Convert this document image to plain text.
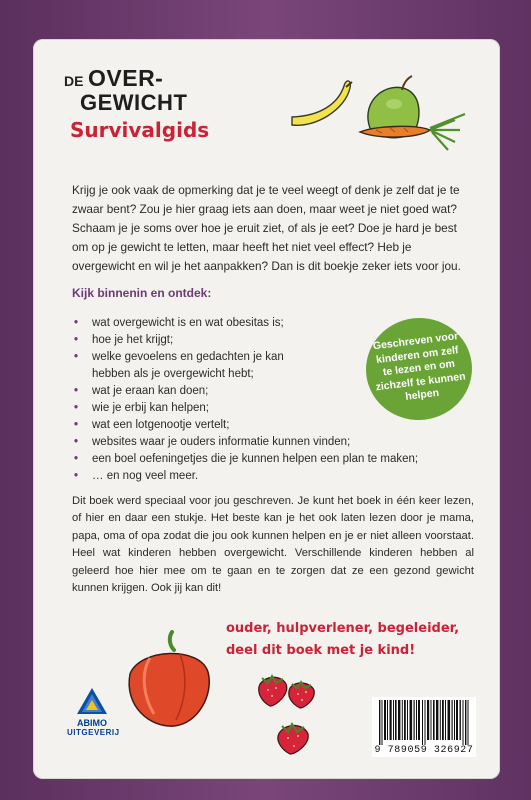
DE OVER-
GEWICHT
Survivalgids
Krijg je ook vaak de opmerking dat je te veel weegt of denk je zelf dat je te zwaar bent? Zou je hier graag iets aan doen, maar weet je niet goed wat? Schaam je je soms over hoe je eruit ziet, of als je eet? Doe je hard je best om op je gewicht te letten, maar heeft het niet veel effect? Heb je overgewicht en wil je het aanpakken? Dan is dit boekje zeker iets voor jou.
Kijk binnenin en ontdek:
• wat overgewicht is en wat obesitas is;
• hoe je het krijgt;
• welke gevoelens en gedachten je kan hebben als je overgewicht hebt;
• wat je eraan kan doen;
• wie je erbij kan helpen;
• wat een lotgenootje vertelt;
• websites waar je ouders informatie kunnen vinden;
• een boel oefeningetjes die je kunnen helpen een plan te maken;
• … en nog veel meer.
Geschreven voor kinderen om zelf te lezen en om zichzelf te kunnen helpen
Dit boek werd speciaal voor jou geschreven. Je kunt het boek in één keer lezen, of hier en daar een stukje. Het beste kan je het ook laten lezen door je mama, papa, oma of opa zodat die jou ook kunnen helpen en je er niet alleen voorstaat. Heel wat kinderen hebben overgewicht. Verschillende kinderen hebben al geleerd hoe hier mee om te gaan en te zorgen dat ze een gezond gewicht kunnen krijgen. Ook jij kan dit!
ouder, hulpverlener, begeleider, deel dit boek met je kind!
ABIMO
UITGEVERIJ
9 789059 326927
